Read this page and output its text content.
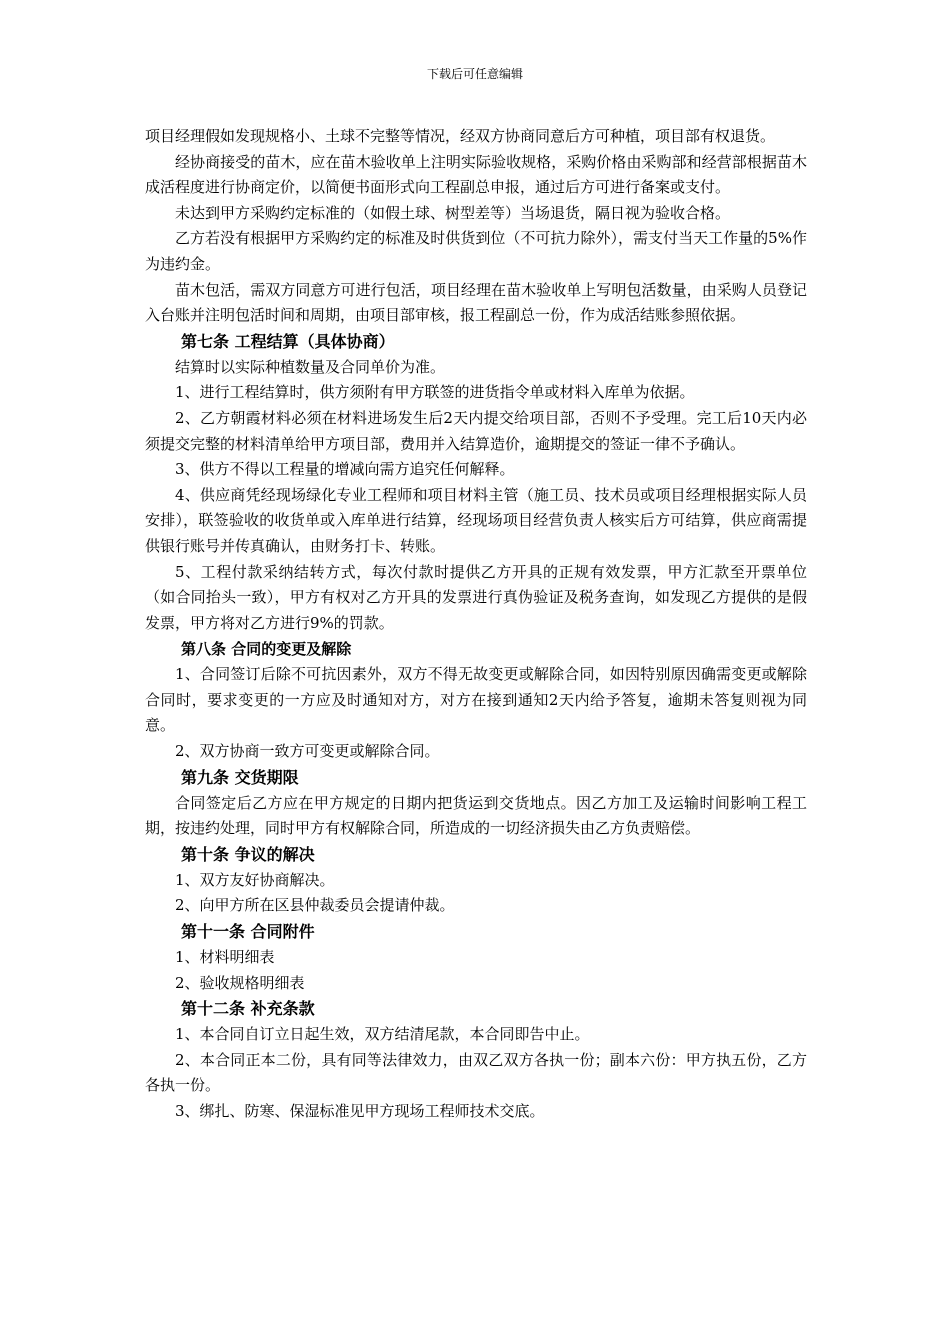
下载后可任意编辑

项目经理假如发现规格小、土球不完整等情况，经双方协商同意后方可种植，项目部有权退货。

经协商接受的苗木，应在苗木验收单上注明实际验收规格，采购价格由采购部和经营部根据苗木成活程度进行协商定价，以简便书面形式向工程副总申报，通过后方可进行备案或支付。

未达到甲方采购约定标准的（如假土球、树型差等）当场退货，隔日视为验收合格。

乙方若没有根据甲方采购约定的标准及时供货到位（不可抗力除外），需支付当天工作量的5%作为违约金。

苗木包活，需双方同意方可进行包活，项目经理在苗木验收单上写明包活数量，由采购人员登记入台账并注明包活时间和周期，由项目部审核，报工程副总一份，作为成活结账参照依据。

第七条 工程结算（具体协商）

结算时以实际种植数量及合同单价为准。

1、进行工程结算时，供方须附有甲方联签的进货指令单或材料入库单为依据。

2、乙方朝霞材料必须在材料进场发生后2天内提交给项目部，否则不予受理。完工后10天内必须提交完整的材料清单给甲方项目部，费用并入结算造价，逾期提交的签证一律不予确认。

3、供方不得以工程量的增减向需方追究任何解释。

4、供应商凭经现场绿化专业工程师和项目材料主管（施工员、技术员或项目经理根据实际人员安排），联签验收的收货单或入库单进行结算，经现场项目经营负责人核实后方可结算，供应商需提供银行账号并传真确认，由财务打卡、转账。

5、工程付款采纳结转方式，每次付款时提供乙方开具的正规有效发票，甲方汇款至开票单位（如合同抬头一致），甲方有权对乙方开具的发票进行真伪验证及税务查询，如发现乙方提供的是假发票，甲方将对乙方进行9%的罚款。

第八条 合同的变更及解除

1、合同签订后除不可抗因素外，双方不得无故变更或解除合同，如因特别原因确需变更或解除合同时，要求变更的一方应及时通知对方，对方在接到通知2天内给予答复，逾期未答复则视为同意。

2、双方协商一致方可变更或解除合同。

第九条 交货期限

合同签定后乙方应在甲方规定的日期内把货运到交货地点。因乙方加工及运输时间影响工程工期，按违约处理，同时甲方有权解除合同，所造成的一切经济损失由乙方负责赔偿。

第十条 争议的解决

1、双方友好协商解决。

2、向甲方所在区县仲裁委员会提请仲裁。

第十一条 合同附件

1、材料明细表

2、验收规格明细表

第十二条 补充条款

1、本合同自订立日起生效，双方结清尾款，本合同即告中止。

2、本合同正本二份，具有同等法律效力，由双乙双方各执一份；副本六份：甲方执五份，乙方各执一份。

3、绑扎、防寒、保湿标准见甲方现场工程师技术交底。
